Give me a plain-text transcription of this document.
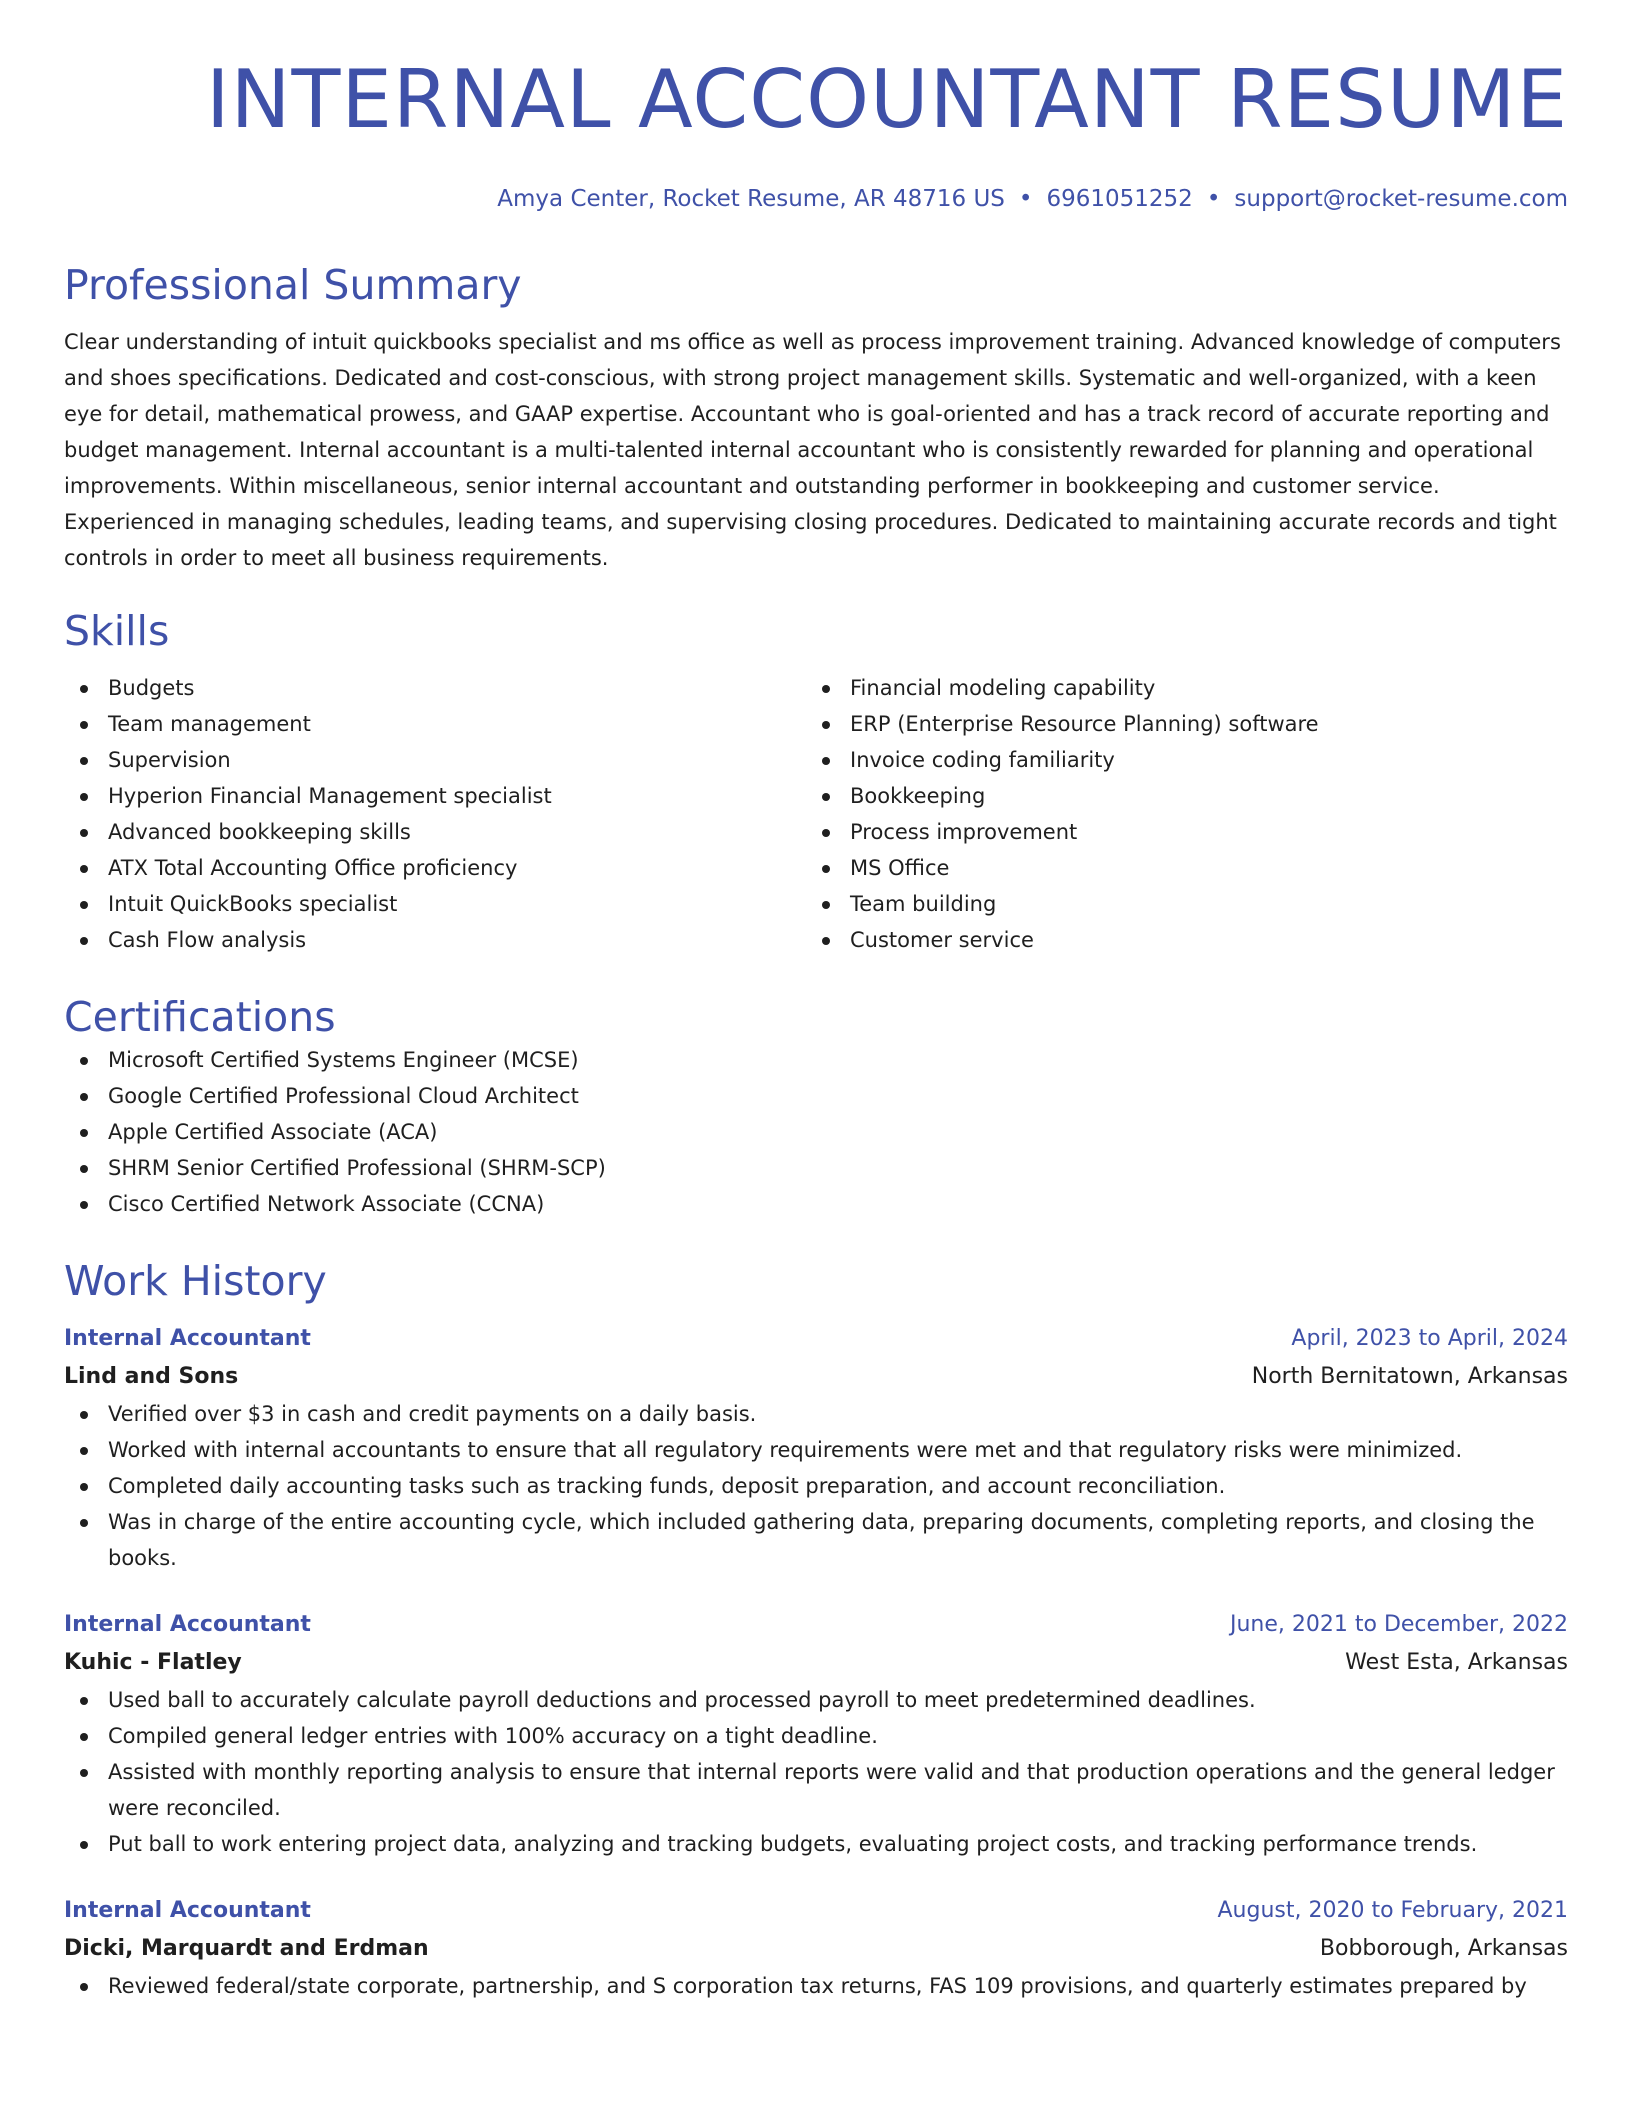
INTERNAL ACCOUNTANT RESUME
Amya Center, Rocket Resume, AR 48716 US • 6961051252 • support@rocket-resume.com
Professional Summary

Clear understanding of intuit quickbooks specialist and ms office as well as process improvement training. Advanced knowledge of computers and shoes specifications. Dedicated and cost-conscious, with strong project management skills. Systematic and well-organized, with a keen eye for detail, mathematical prowess, and GAAP expertise. Accountant who is goal-oriented and has a track record of accurate reporting and budget management. Internal accountant is a multi-talented internal accountant who is consistently rewarded for planning and operational improvements. Within miscellaneous, senior internal accountant and outstanding performer in bookkeeping and customer service. Experienced in managing schedules, leading teams, and supervising closing procedures. Dedicated to maintaining accurate records and tight controls in order to meet all business requirements.

Skills
Budgets
Team management
Supervision
Hyperion Financial Management specialist
Advanced bookkeeping skills
ATX Total Accounting Office proficiency
Intuit QuickBooks specialist
Cash Flow analysis
Financial modeling capability
ERP (Enterprise Resource Planning) software
Invoice coding familiarity
Bookkeeping
Process improvement
MS Office
Team building
Customer service
Certifications
Microsoft Certified Systems Engineer (MCSE)
Google Certified Professional Cloud Architect
Apple Certified Associate (ACA)
SHRM Senior Certified Professional (SHRM-SCP)
Cisco Certified Network Associate (CCNA)
Work History
Internal Accountant	April, 2023 to April, 2024
Lind and Sons	North Bernitatown, Arkansas
Verified over $3 in cash and credit payments on a daily basis.
Worked with internal accountants to ensure that all regulatory requirements were met and that regulatory risks were minimized.
Completed daily accounting tasks such as tracking funds, deposit preparation, and account reconciliation.
Was in charge of the entire accounting cycle, which included gathering data, preparing documents, completing reports, and closing the books.
Internal Accountant	June, 2021 to December, 2022
Kuhic - Flatley	West Esta, Arkansas
Used ball to accurately calculate payroll deductions and processed payroll to meet predetermined deadlines.
Compiled general ledger entries with 100% accuracy on a tight deadline.
Assisted with monthly reporting analysis to ensure that internal reports were valid and that production operations and the general ledger were reconciled.
Put ball to work entering project data, analyzing and tracking budgets, evaluating project costs, and tracking performance trends.
Internal Accountant	August, 2020 to February, 2021
Dicki, Marquardt and Erdman	Bobborough, Arkansas
Reviewed federal/state corporate, partnership, and S corporation tax returns, FAS 109 provisions, and quarterly estimates prepared by
